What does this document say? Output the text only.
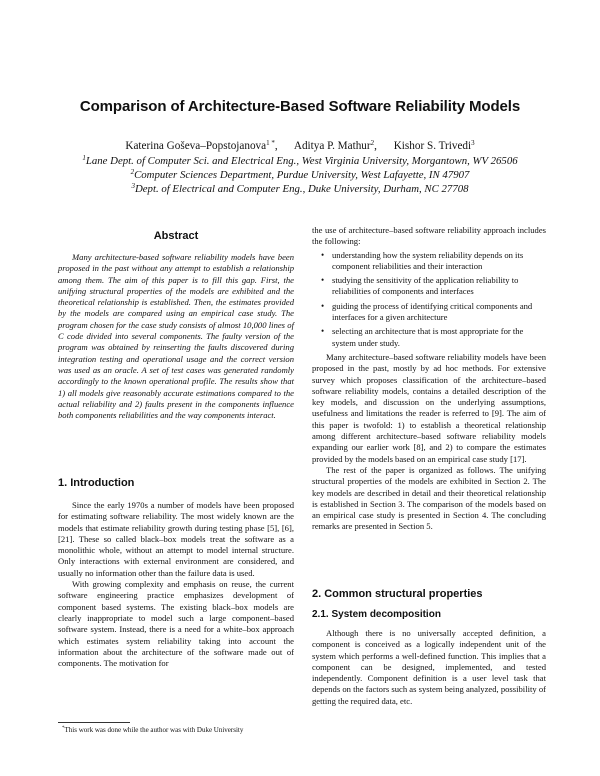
Comparison of Architecture-Based Software Reliability Models
Katerina Goševa–Popstojanova$^{1 *}$, Aditya P. Mathur$^2$, Kishor S. Trivedi$^3$
$^1$Lane Dept. of Computer Sci. and Electrical Eng., West Virginia University, Morgantown, WV 26506
$^2$Computer Sciences Department, Purdue University, West Lafayette, IN 47907
$^3$Dept. of Electrical and Computer Eng., Duke University, Durham, NC 27708
Abstract

Many architecture-based software reliability models have been proposed in the past without any attempt to establish a relationship among them. The aim of this paper is to fill this gap. First, the unifying structural properties of the models are exhibited and the theoretical relationship is established. Then, the estimates provided by the models are compared using an empirical case study. The program chosen for the case study consists of almost 10,000 lines of C code divided into several components. The faulty version of the program was obtained by reinserting the faults discovered during integration testing and operational usage and the correct version was used as an oracle. A set of test cases was generated randomly accordingly to the known operational profile. The results show that 1) all models give reasonably accurate estimations compared to the actual reliability and 2) faults present in the components influence both components reliabilities and the way components interact.

1. Introduction

Since the early 1970s a number of models have been proposed for estimating software reliability. The most widely known are the models that estimate reliability growth during testing phase [5], [6], [21]. These so called black–box models treat the software as a monolithic whole, without an attempt to model internal structure. Only interactions with external environment are considered, and usually no information other than the failure data is used.

With growing complexity and emphasis on reuse, the current software engineering practice emphasizes development of component based systems. The existing black–box models are clearly inappropriate to model such a large component–based software system. Instead, there is a need for a white–box approach which estimates system reliability taking into account the information about the architecture of the software made out of components. The motivation for

*This work was done while the author was with Duke University

the use of architecture–based software reliability approach includes the following:

• understanding how the system reliability depends on its component reliabilities and their interaction
• studying the sensitivity of the application reliability to reliabilities of components and interfaces
• guiding the process of identifying critical components and interfaces for a given architecture
• selecting an architecture that is most appropriate for the system under study.

Many architecture–based software reliability models have been proposed in the past, mostly by ad hoc methods. For extensive survey which proposes classification of the architecture–based software reliability models, contains a detailed description of the key models, and discussion on the underlying assumptions, usefulness and limitations the reader is referred to [9]. The aim of this paper is twofold: 1) to establish a theoretical relationship among different architecture–based software reliability models expanding our earlier work [8], and 2) to compare the estimates provided by the models based on an empirical case study [17].

The rest of the paper is organized as follows. The unifying structural properties of the models are exhibited in Section 2. The key models are described in detail and their theoretical relationship is established in Section 3. The comparison of the models based on an empirical case study is presented in Section 4. The concluding remarks are presented in Section 5.

2. Common structural properties
2.1. System decomposition

Although there is no universally accepted definition, a component is conceived as a logically independent unit of the system which performs a well-defined function. This implies that a component can be designed, implemented, and tested independently. Component definition is a user level task that depends on the factors such as system being analyzed, possibility of getting the required data, etc.
